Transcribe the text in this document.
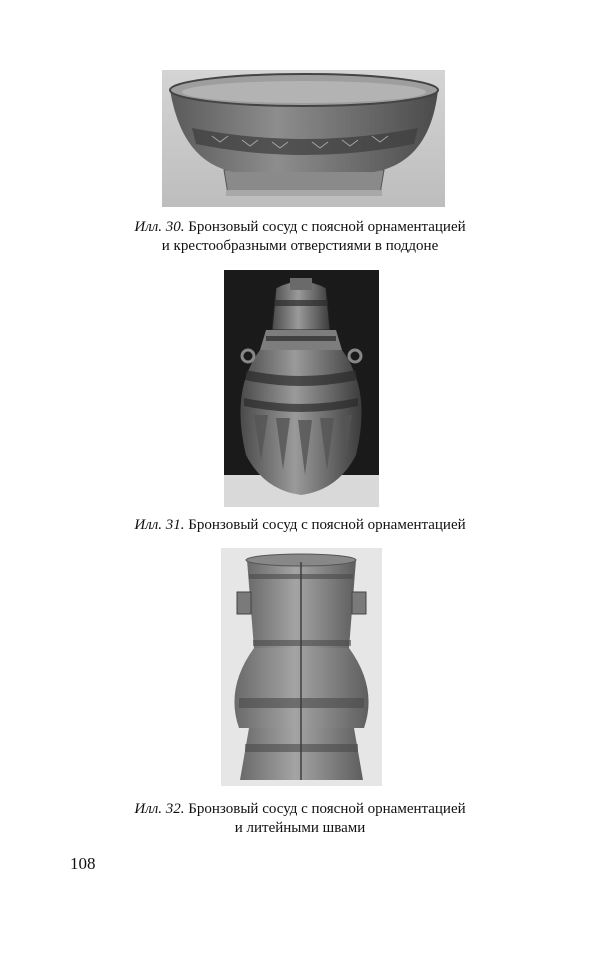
Илл. 30. Бронзовый сосуд с поясной орнаментацией
и крестообразными отверстиями в поддоне
Илл. 31. Бронзовый сосуд с поясной орнаментацией
Илл. 32. Бронзовый сосуд с поясной орнаментацией
и литейными швами
108
